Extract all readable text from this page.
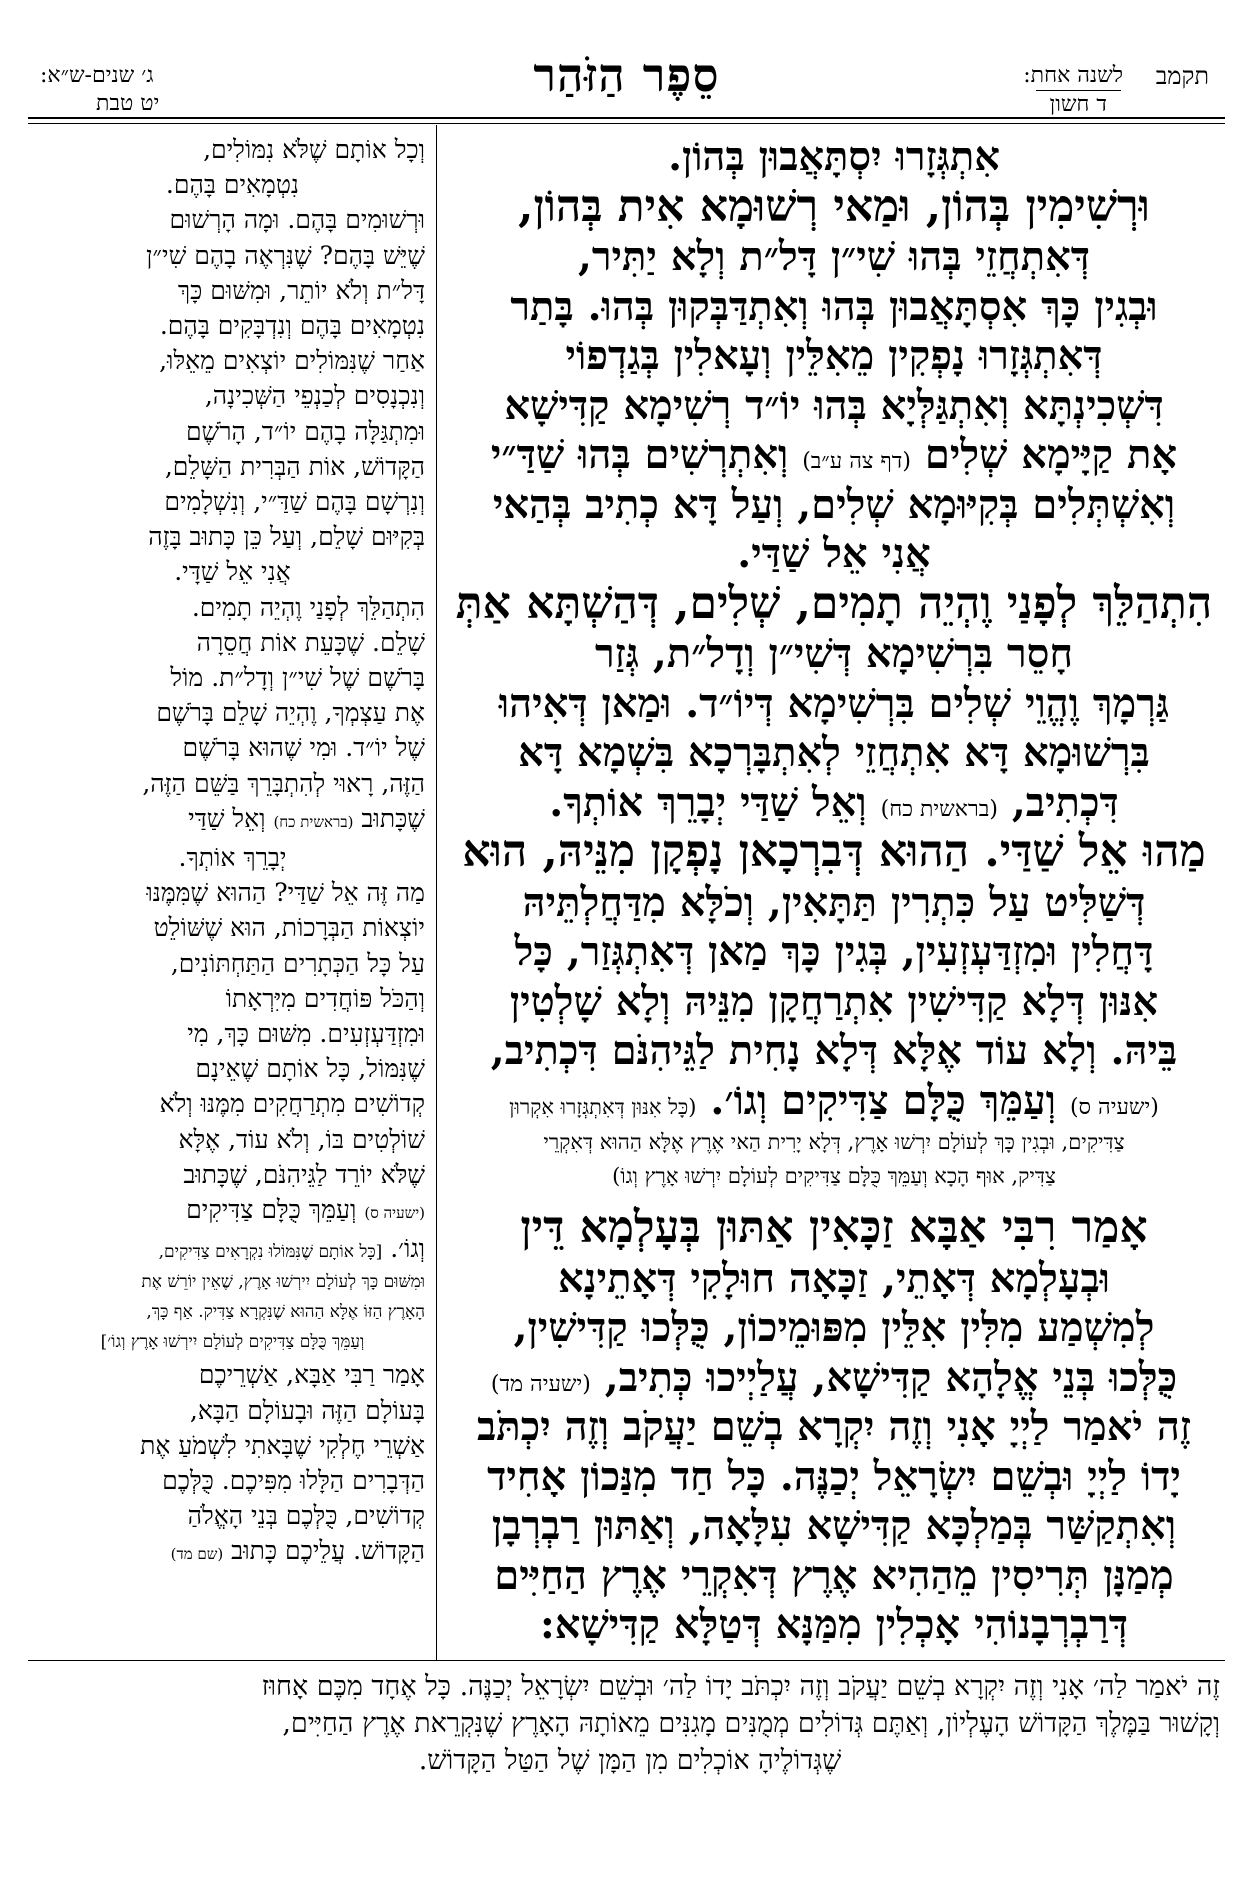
תקמב
לשנה אחת:
ד חשון
סֵפֶר הַזֹּהַר
ג׳ שנים-ש״א:
יט טבת

אִתְגְּזָרוּ יִסְתָּאֲבוּן בְּהוֹן.

וּרְשִׁימִין בְּהוֹן, וּמַאי רְשׁוּמָא אִית בְּהוֹן,

דְּאִתְחֲזֵי בְּהוּ שִׁי״ן דָּל״ת וְלָא יַתִּיר,

וּבְגִין כָּךְ אִסְתָּאֲבוּן בְּהוּ וְאִתְדַּבְּקוּן בְּהוּ. בָּתַר

דְּאִתְגְּזָרוּ נָפְקִין מֵאִלֵּין וְעָאלִין בְּגַדְפוֹי

דִּשְׁכִינְתָּא וְאִתְגַּלְּיָא בְּהוּ יוֹ״ד רְשִׁימָא קַדִּישָׁא

אָת קַיָּימָא שְׁלִים (דף צה ע״ב) וְאִתְרְשִׁים בְּהוּ שַׁדַּ״י

וְאִשְׁתְּלִים בְּקִיּוּמָא שְׁלִים, וְעַל דָּא כְתִיב בְּהַאי

אֲנִי אֵל שַׁדַּי.

הִתְהַלֵּךְ לְפָנַי וֶהְיֵה תָמִים, שְׁלִים, דְּהַשְׁתָּא אַתְּ

חָסֵר בִּרְשִׁימָא דְּשִׁי״ן וְדָל״ת, גְּזַר

גַּרְמָךְ וֶהֱוֵי שְׁלִים בִּרְשִׁימָא דְּיוֹ״ד. וּמַאן דְּאִיהוּ

בִּרְשׁוּמָא דָּא אִתְחֲזֵי לְאִתְבָּרְכָא בִּשְׁמָא דָּא

דִּכְתִיב, (בראשית כח) וְאֵל שַׁדַּי יְבָרֵךְ אוֹתְךָ.

מַהוּ אֵל שַׁדַּי. הַהוּא דְּבִרְכָאן נָפְקָן מִנֵּיהּ, הוּא

דְּשַׁלִּיט עַל כִּתְרִין תַּתָּאִין, וְכֹלָּא מִדַּחֲלְתֵּיהּ

דָּחֲלִין וּמִזְדַּעְזְעִין, בְּגִין כָּךְ מַאן דְּאִתְגְּזַר, כָּל

אִנּוּן דְּלָא קַדִּישִׁין אִתְרַחֲקָן מִנֵּיהּ וְלָא שָׁלְטִין

בֵּיהּ. וְלָא עוֹד אֶלָּא דְּלָא נָחִית לַגֵּיהִנֹּם דִּכְתִיב,

(ישעיה ס) וְעַמֵּךְ כֻּלָּם צַדִּיקִים וְגוֹ׳. (כָּל אִנּוּן דְּאִתְגְּזָרוּ אִקְרוּן

צַדִּיקִים, וּבְגִין כָּךְ לְעוֹלָם יִרְשׁוּ אָרֶץ, דְּלָא יָרִית הַאי אֶרֶץ אֶלָּא הַהוּא דְּאִקְרֵי

צַדִּיק, אוּף הָכָא וְעַמֵּךְ כֻּלָּם צַדִּיקִים לְעוֹלָם יִרְשׁוּ אָרֶץ וְגוֹ)

אָמַר רִבִּי אַבָּא זַכָּאִין אַתּוּן בְּעָלְמָא דֵּין

וּבְעָלְמָא דְּאָתֵי, זַכָּאָה חוּלָקִי דְּאָתֵינָא

לְמִשְׁמַע מִלִּין אִלֵּין מִפּוּמֵיכוֹן, כֻּלְּכוּ קַדִּישִׁין,

כֻּלְּכוּ בְּנֵי אֱלָהָא קַדִּישָׁא, עֲלַיְיכוּ כְּתִיב, (ישעיה מד)

זֶה יֹאמַר לַיְיָ אָנִי וְזֶה יִקְרָא בְשֵׁם יַעֲקֹב וְזֶה יִכְתֹּב

יָדוֹ לַיְיָ וּבְשֵׁם יִשְׂרָאֵל יְכַנֶּה. כָּל חַד מִנַּכוֹן אָחִיד

וְאִתְקַשַּׁר בְּמַלְכָּא קַדִּישָׁא עִלָּאָה, וְאַתּוּן רַבְרְבָן

מְמַנָּן תְּרִיסִין מֵהַהִיא אֶרֶץ דְּאִקְרֵי אֶרֶץ הַחַיִּים

דְּרַבְרְבָנוֹהִי אָכְלִין מִמַּנָּא דְּטַלָּא קַדִּישָׁא:

וְכָל אוֹתָם שֶׁלֹּא נִמּוֹלִים,

נִטְמָאִים בָּהֶם.

וּרְשׁוּמִים בָּהֶם. וּמָה הָרְשׁוּם

שֶׁיֵּשׁ בָּהֶם? שֶׁנִּרְאֶה בָהֶם שִׁי״ן

דָּל״ת וְלֹא יוֹתֵר, וּמִשּׁוּם כָּךְ

נִטְמָאִים בָּהֶם וְנִדְבָּקִים בָּהֶם.

אַחַר שֶׁנִּמּוֹלִים יוֹצְאִים מֵאֵלּוּ,

וְנִכְנָסִים לְכַנְפֵי הַשְּׁכִינָה,

וּמִתְגַּלָּה בָהֶם יוֹ״ד, הָרֹשֶׁם

הַקָּדוֹשׁ, אוֹת הַבְּרִית הַשָּׁלֵם,

וְנִרְשָׁם בָּהֶם שַׁדַּ״י, וְנִשְׁלָמִים

בְּקִיּוּם שָׁלֵם, וְעַל כֵּן כָּתוּב בָּזֶה

אֲנִי אֵל שַׁדָּי.

הִתְהַלֵּךְ לְפָנַי וֶהְיֵה תָמִים.

שָׁלֵם. שֶׁכָּעֵת אוֹת חֲסֵרָה

בָּרֹשֶׁם שֶׁל שִׁי״ן וְדָל״ת. מוֹל

אֶת עַצְמְךָ, וֶהְיֵה שָׁלֵם בָּרֹשֶׁם

שֶׁל יוֹ״ד. וּמִי שֶׁהוּא בָּרֹשֶׁם

הַזֶּה, רָאוּי לְהִתְבָּרֵךְ בַּשֵּׁם הַזֶּה,

שֶׁכָּתוּב (בראשית כח) וְאֵל שַׁדַּי

יְבָרֵךְ אוֹתְךָ.

מַה זֶּה אֵל שַׁדַּי? הַהוּא שֶׁמִּמֶּנּוּ

יוֹצְאוֹת הַבְּרָכוֹת, הוּא שֶׁשּׁוֹלֵט

עַל כָּל הַכְּתָרִים הַתַּחְתּוֹנִים,

וְהַכֹּל פּוֹחֲדִים מִיִּרְאָתוֹ

וּמִזְדַּעְזְעִים. מִשּׁוּם כָּךְ, מִי

שֶׁנִּמּוֹל, כָּל אוֹתָם שֶׁאֵינָם

קְדוֹשִׁים מִתְרַחֲקִים מִמֶּנּוּ וְלֹא

שׁוֹלְטִים בּוֹ, וְלֹא עוֹד, אֶלָּא

שֶׁלֹּא יוֹרֵד לַגֵּיהִנֹּם, שֶׁכָּתוּב

(ישעיה ס) וְעַמֵּךְ כֻּלָּם צַדִּיקִים

וְגוֹ׳. [כָּל אוֹתָם שֶׁנִּמּוֹלוּ נִקְרָאִים צַדִּיקִים,

וּמִשּׁוּם כָּךְ לְעוֹלָם יִירְשׁוּ אָרֶץ, שֶׁאֵין יוֹרֵשׁ אֶת

הָאָרֶץ הַזּוֹ אֶלָּא הַהוּא שֶׁנִּקְרָא צַדִּיק. אַף כָּךְ,

וְעַמֵּךְ כֻּלָּם צַדִּיקִים לְעוֹלָם יִירְשׁוּ אָרֶץ וְגוֹ׳]

אָמַר רַבִּי אַבָּא, אַשְׁרֵיכֶם

בָּעוֹלָם הַזֶּה וּבָעוֹלָם הַבָּא,

אַשְׁרֵי חֶלְקִי שֶׁבָּאתִי לִשְׁמֹעַ אֶת

הַדְּבָרִים הַלָּלוּ מִפִּיכֶם. כֻּלְּכֶם

קְדוֹשִׁים, כֻּלְּכֶם בְּנֵי הָאֱלֹהַ

הַקָּדוֹשׁ. עֲלֵיכֶם כָּתוּב (שם מד)

זֶה יֹאמַר לַה׳ אָנִי וְזֶה יִקְרָא בְשֵׁם יַעֲקֹב וְזֶה יִכְתֹּב יָדוֹ לַה׳ וּבְשֵׁם יִשְׂרָאֵל יְכַנֶּה. כָּל אֶחָד מִכֶּם אָחוּז

וְקָשׁוּר בַּמֶּלֶךְ הַקָּדוֹשׁ הָעֶלְיוֹן, וְאַתֶּם גְּדוֹלִים מְמֻנִּים מָגִנִּים מֵאוֹתָהּ הָאָרֶץ שֶׁנִּקְרֵאת אֶרֶץ הַחַיִּים,

שֶׁגְּדוֹלֶיהָ אוֹכְלִים מִן הַמָּן שֶׁל הַטַּל הַקָּדוֹשׁ.
